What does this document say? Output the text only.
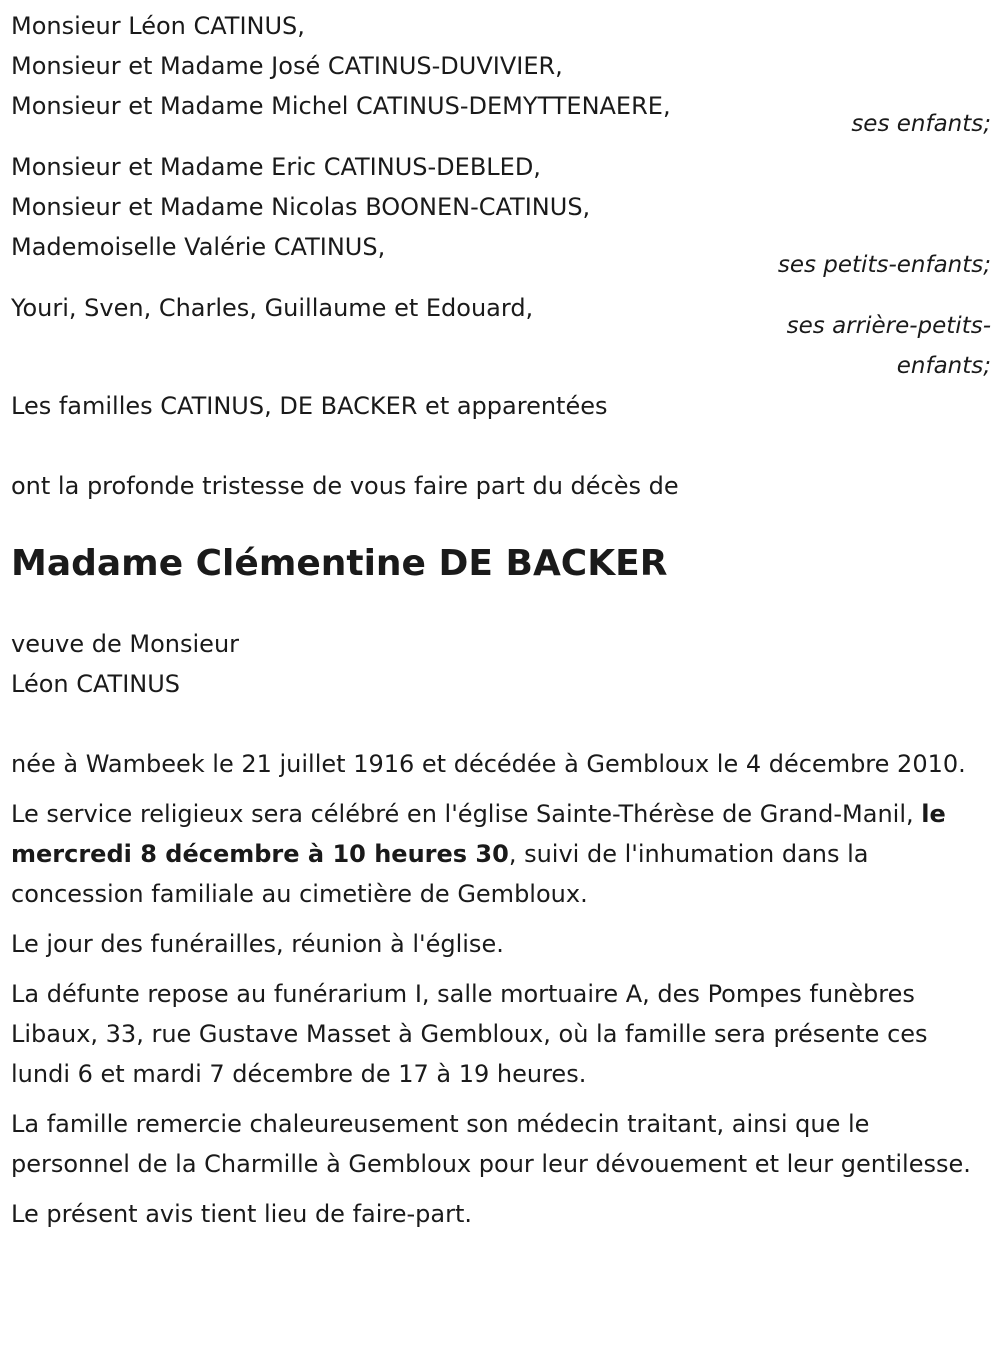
Monsieur Léon CATINUS,
Monsieur et Madame José CATINUS-DUVIVIER,
Monsieur et Madame Michel CATINUS-DEMYTTENAERE,
ses enfants;
Monsieur et Madame Eric CATINUS-DEBLED,
Monsieur et Madame Nicolas BOONEN-CATINUS,
Mademoiselle Valérie CATINUS,
ses petits-enfants;
Youri, Sven, Charles, Guillaume et Edouard,
ses arrière-petits-
enfants;
Les familles CATINUS, DE BACKER et apparentées
ont la profonde tristesse de vous faire part du décès de
Madame Clémentine DE BACKER
veuve de Monsieur
Léon CATINUS
née à Wambeek le 21 juillet 1916 et décédée à Gembloux le 4 décembre 2010.
Le service religieux sera célébré en l'église Sainte-Thérèse de Grand-Manil, le mercredi 8 décembre à 10 heures 30, suivi de l'inhumation dans la concession familiale au cimetière de Gembloux.
Le jour des funérailles, réunion à l'église.
La défunte repose au funérarium I, salle mortuaire A, des Pompes funèbres Libaux, 33, rue Gustave Masset à Gembloux, où la famille sera présente ces lundi 6 et mardi 7 décembre de 17 à 19 heures.
La famille remercie chaleureusement son médecin traitant, ainsi que le personnel de la Charmille à Gembloux pour leur dévouement et leur gentilesse.
Le présent avis tient lieu de faire-part.
